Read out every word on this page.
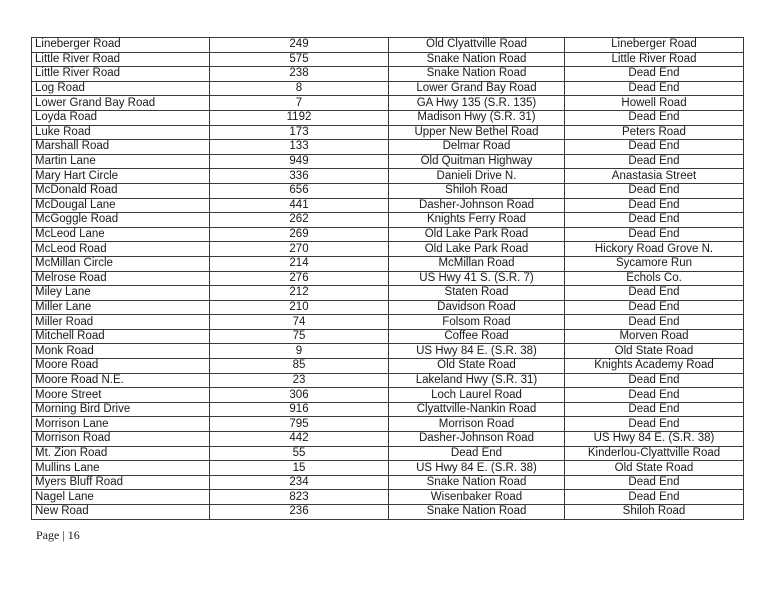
Lineberger Road	249	Old Clyattville Road	Lineberger Road
Little River Road	575	Snake Nation Road	Little River Road
Little River Road	238	Snake Nation Road	Dead End
Log Road	8	Lower Grand Bay Road	Dead End
Lower Grand Bay Road	7	GA Hwy 135 (S.R. 135)	Howell Road
Loyda Road	1192	Madison Hwy (S.R. 31)	Dead End
Luke Road	173	Upper New Bethel Road	Peters Road
Marshall Road	133	Delmar Road	Dead End
Martin Lane	949	Old Quitman Highway	Dead End
Mary Hart Circle	336	Danieli Drive N.	Anastasia Street
McDonald Road	656	Shiloh Road	Dead End
McDougal Lane	441	Dasher-Johnson Road	Dead End
McGoggle Road	262	Knights Ferry Road	Dead End
McLeod Lane	269	Old Lake Park Road	Dead End
McLeod Road	270	Old Lake Park Road	Hickory Road Grove N.
McMillan Circle	214	McMillan Road	Sycamore Run
Melrose Road	276	US Hwy 41 S. (S.R. 7)	Echols Co.
Miley Lane	212	Staten Road	Dead End
Miller Lane	210	Davidson Road	Dead End
Miller Road	74	Folsom Road	Dead End
Mitchell Road	75	Coffee Road	Morven Road
Monk Road	9	US Hwy 84 E. (S.R. 38)	Old State Road
Moore Road	85	Old State Road	Knights Academy Road
Moore Road N.E.	23	Lakeland Hwy (S.R. 31)	Dead End
Moore Street	306	Loch Laurel Road	Dead End
Morning Bird Drive	916	Clyattville-Nankin Road	Dead End
Morrison Lane	795	Morrison Road	Dead End
Morrison Road	442	Dasher-Johnson Road	US Hwy 84 E. (S.R. 38)
Mt. Zion Road	55	Dead End	Kinderlou-Clyattville Road
Mullins Lane	15	US Hwy 84 E. (S.R. 38)	Old State Road
Myers Bluff Road	234	Snake Nation Road	Dead End
Nagel Lane	823	Wisenbaker Road	Dead End
New Road	236	Snake Nation Road	Shiloh Road
Page | 16
